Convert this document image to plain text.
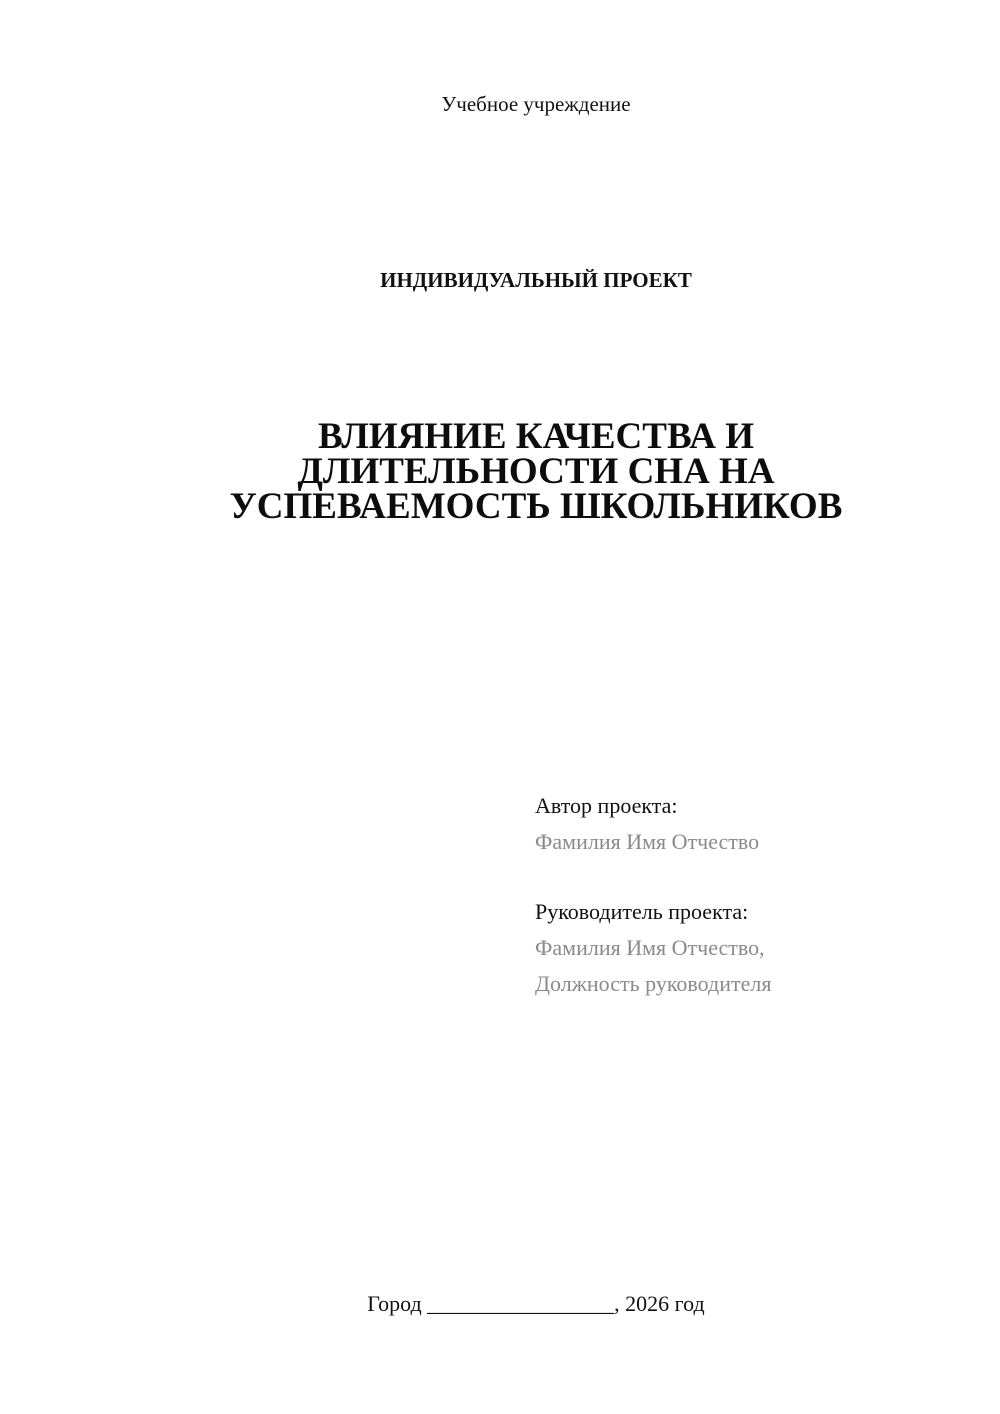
Учебное учреждение
ИНДИВИДУАЛЬНЫЙ ПРОЕКТ
ВЛИЯНИЕ КАЧЕСТВА И
ДЛИТЕЛЬНОСТИ СНА НА
УСПЕВАЕМОСТЬ ШКОЛЬНИКОВ
Автор проекта:
Фамилия Имя Отчество
Руководитель проекта:
Фамилия Имя Отчество,
Должность руководителя
Город _________________, 2026 год
